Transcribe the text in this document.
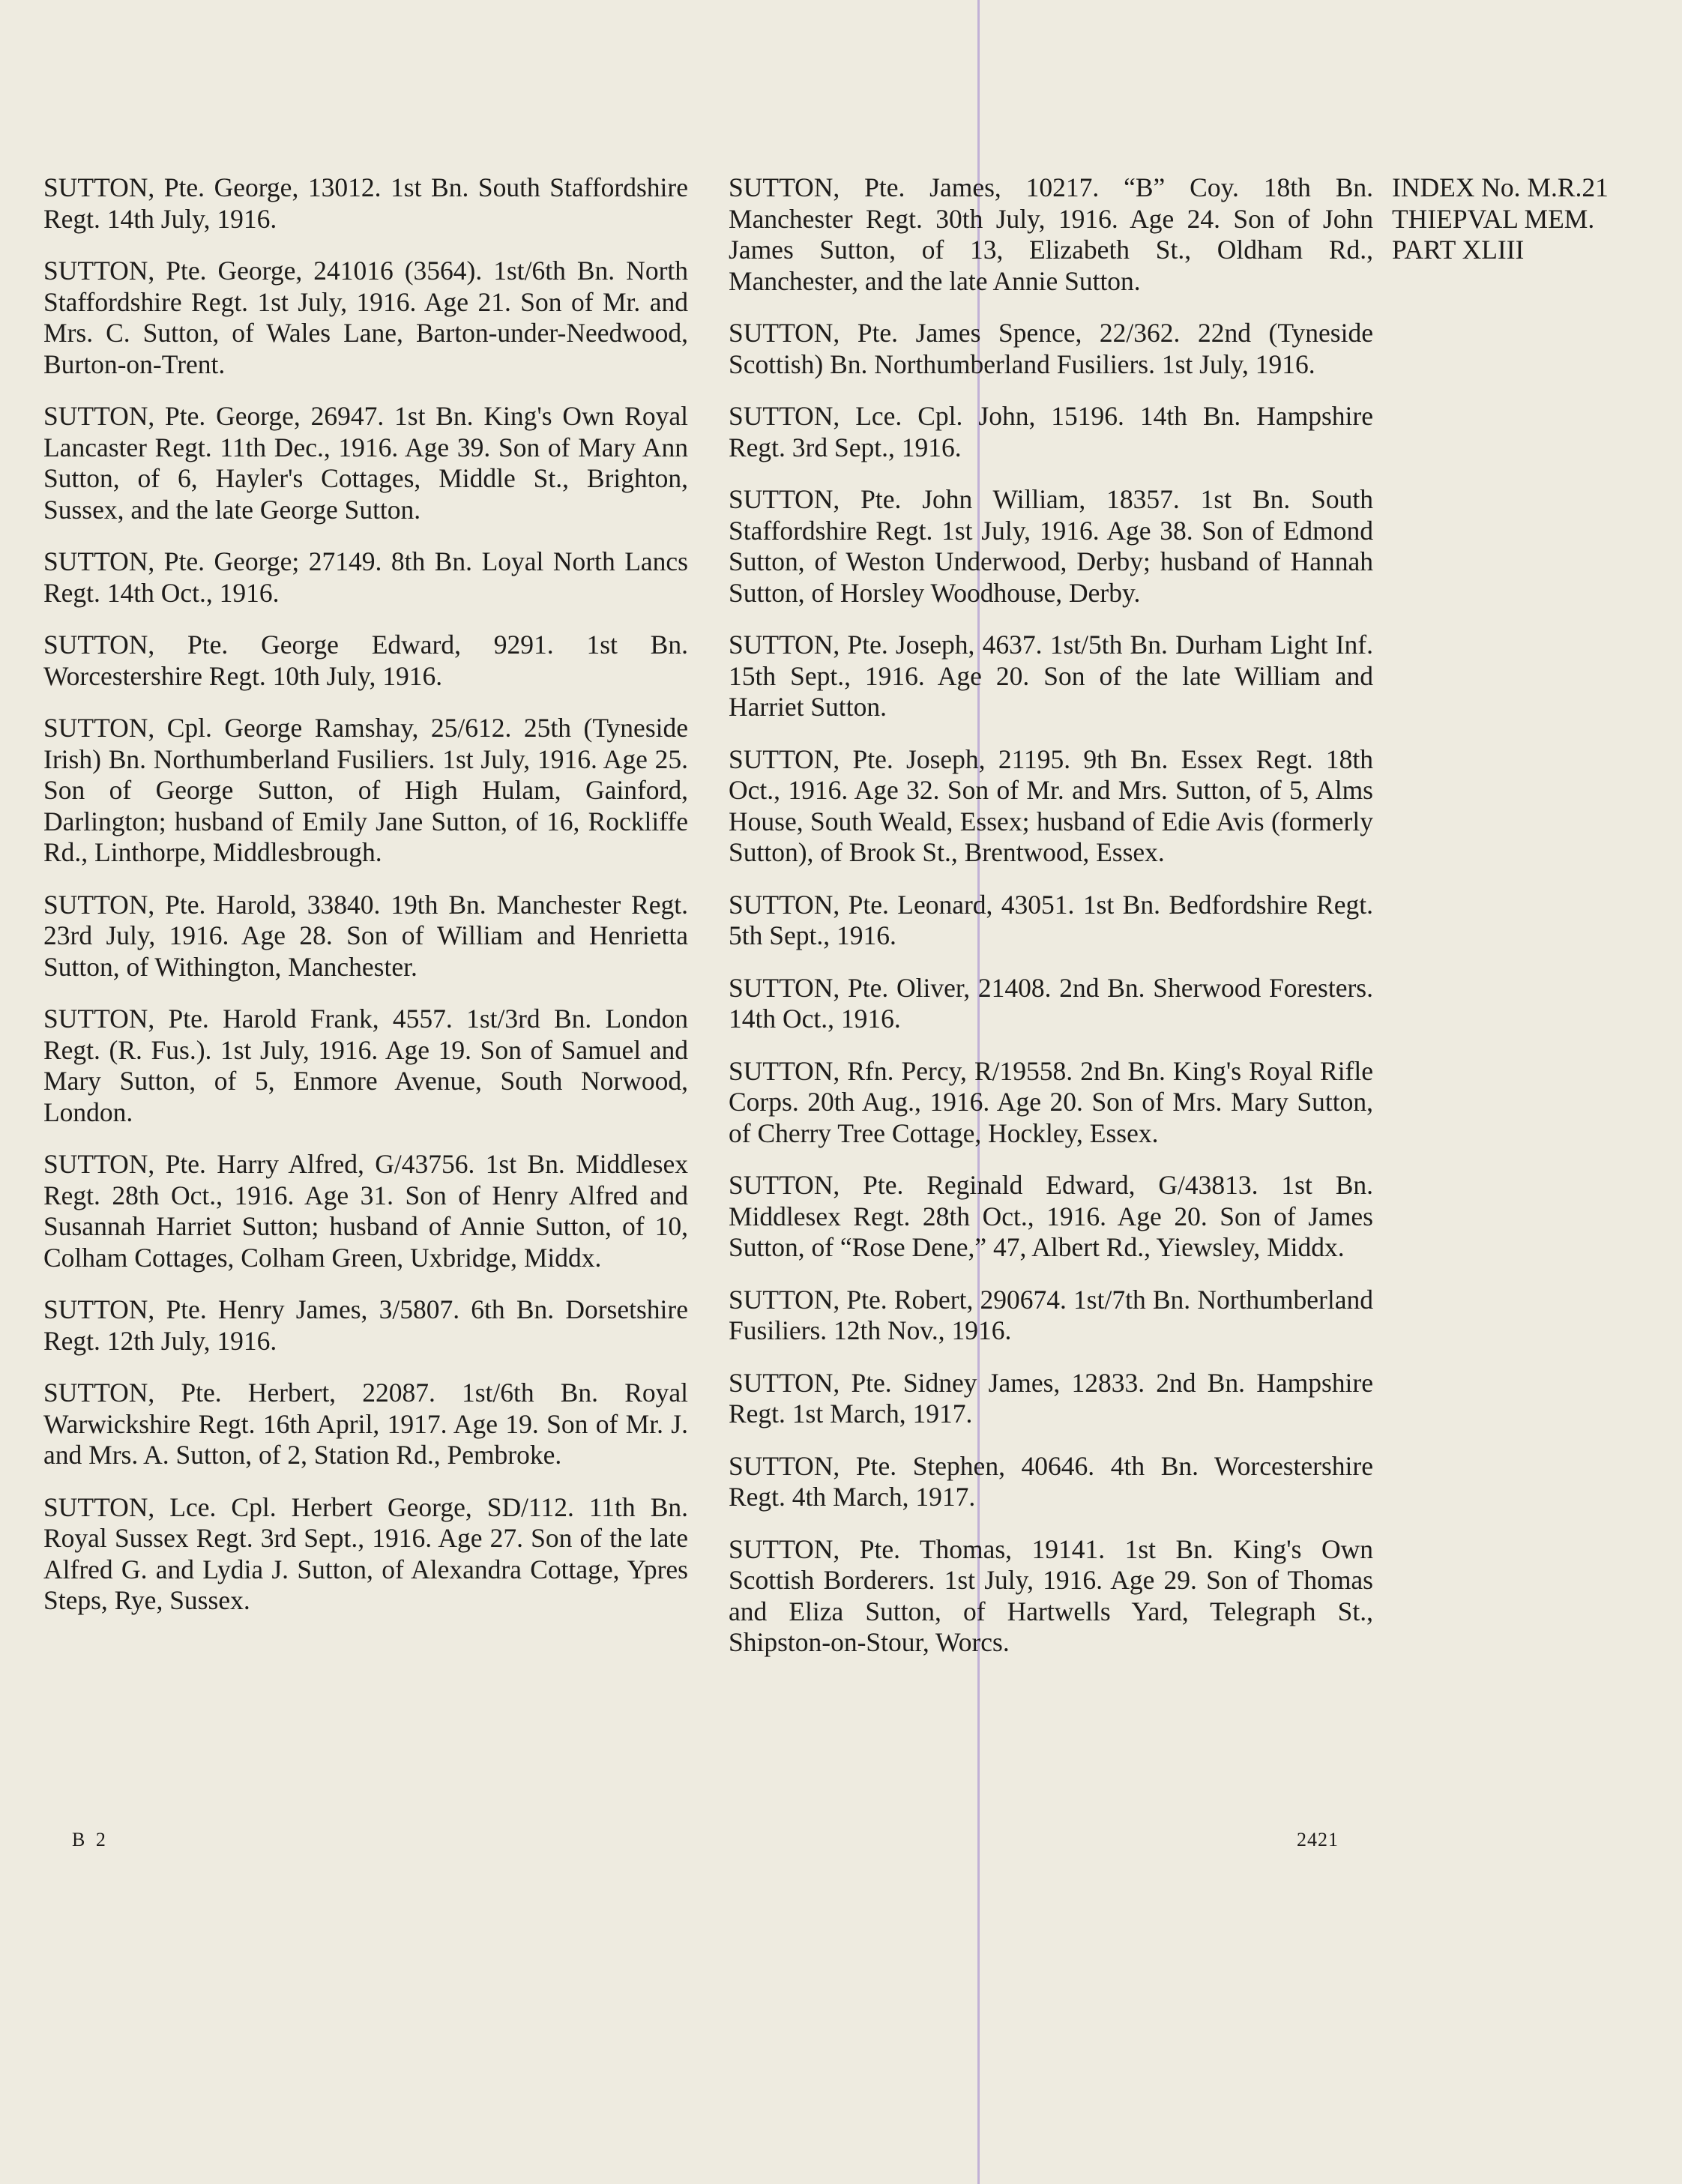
SUTTON, Pte. George, 13012. 1st Bn. South Staffordshire Regt. 14th July, 1916.

SUTTON, Pte. George, 241016 (3564). 1st/6th Bn. North Staffordshire Regt. 1st July, 1916. Age 21. Son of Mr. and Mrs. C. Sutton, of Wales Lane, Barton-under-Needwood, Burton-on-Trent.

SUTTON, Pte. George, 26947. 1st Bn. King's Own Royal Lancaster Regt. 11th Dec., 1916. Age 39. Son of Mary Ann Sutton, of 6, Hayler's Cottages, Middle St., Brighton, Sussex, and the late George Sutton.

SUTTON, Pte. George; 27149. 8th Bn. Loyal North Lancs Regt. 14th Oct., 1916.

SUTTON, Pte. George Edward, 9291. 1st Bn. Worcestershire Regt. 10th July, 1916.

SUTTON, Cpl. George Ramshay, 25/612. 25th (Tyneside Irish) Bn. Northumberland Fusiliers. 1st July, 1916. Age 25. Son of George Sutton, of High Hulam, Gainford, Darlington; husband of Emily Jane Sutton, of 16, Rockliffe Rd., Linthorpe, Middlesbrough.

SUTTON, Pte. Harold, 33840. 19th Bn. Manchester Regt. 23rd July, 1916. Age 28. Son of William and Henrietta Sutton, of Withington, Manchester.

SUTTON, Pte. Harold Frank, 4557. 1st/3rd Bn. London Regt. (R. Fus.). 1st July, 1916. Age 19. Son of Samuel and Mary Sutton, of 5, Enmore Avenue, South Norwood, London.

SUTTON, Pte. Harry Alfred, G/43756. 1st Bn. Middlesex Regt. 28th Oct., 1916. Age 31. Son of Henry Alfred and Susannah Harriet Sutton; husband of Annie Sutton, of 10, Colham Cottages, Colham Green, Uxbridge, Middx.

SUTTON, Pte. Henry James, 3/5807. 6th Bn. Dorsetshire Regt. 12th July, 1916.

SUTTON, Pte. Herbert, 22087. 1st/6th Bn. Royal Warwickshire Regt. 16th April, 1917. Age 19. Son of Mr. J. and Mrs. A. Sutton, of 2, Station Rd., Pembroke.

SUTTON, Lce. Cpl. Herbert George, SD/112. 11th Bn. Royal Sussex Regt. 3rd Sept., 1916. Age 27. Son of the late Alfred G. and Lydia J. Sutton, of Alexandra Cottage, Ypres Steps, Rye, Sussex.

SUTTON, Pte. James, 10217. “B” Coy. 18th Bn. Manchester Regt. 30th July, 1916. Age 24. Son of John James Sutton, of 13, Elizabeth St., Oldham Rd., Manchester, and the late Annie Sutton.

SUTTON, Pte. James Spence, 22/362. 22nd (Tyneside Scottish) Bn. Northumberland Fusiliers. 1st July, 1916.

SUTTON, Lce. Cpl. John, 15196. 14th Bn. Hampshire Regt. 3rd Sept., 1916.

SUTTON, Pte. John William, 18357. 1st Bn. South Staffordshire Regt. 1st July, 1916. Age 38. Son of Edmond Sutton, of Weston Underwood, Derby; husband of Hannah Sutton, of Horsley Woodhouse, Derby.

SUTTON, Pte. Joseph, 4637. 1st/5th Bn. Durham Light Inf. 15th Sept., 1916. Age 20. Son of the late William and Harriet Sutton.

SUTTON, Pte. Joseph, 21195. 9th Bn. Essex Regt. 18th Oct., 1916. Age 32. Son of Mr. and Mrs. Sutton, of 5, Alms House, South Weald, Essex; husband of Edie Avis (formerly Sutton), of Brook St., Brentwood, Essex.

SUTTON, Pte. Leonard, 43051. 1st Bn. Bedfordshire Regt. 5th Sept., 1916.

SUTTON, Pte. Oliver, 21408. 2nd Bn. Sherwood Foresters. 14th Oct., 1916.

SUTTON, Rfn. Percy, R/19558. 2nd Bn. King's Royal Rifle Corps. 20th Aug., 1916. Age 20. Son of Mrs. Mary Sutton, of Cherry Tree Cottage, Hockley, Essex.

SUTTON, Pte. Reginald Edward, G/43813. 1st Bn. Middlesex Regt. 28th Oct., 1916. Age 20. Son of James Sutton, of “Rose Dene,” 47, Albert Rd., Yiewsley, Middx.

SUTTON, Pte. Robert, 290674. 1st/7th Bn. Northumberland Fusiliers. 12th Nov., 1916.

SUTTON, Pte. Sidney James, 12833. 2nd Bn. Hampshire Regt. 1st March, 1917.

SUTTON, Pte. Stephen, 40646. 4th Bn. Worcestershire Regt. 4th March, 1917.

SUTTON, Pte. Thomas, 19141. 1st Bn. King's Own Scottish Borderers. 1st July, 1916. Age 29. Son of Thomas and Eliza Sutton, of Hartwells Yard, Telegraph St., Shipston-on-Stour, Worcs.

INDEX No. M.R.21
THIEPVAL MEM.
PART XLIII
B 2	2421
